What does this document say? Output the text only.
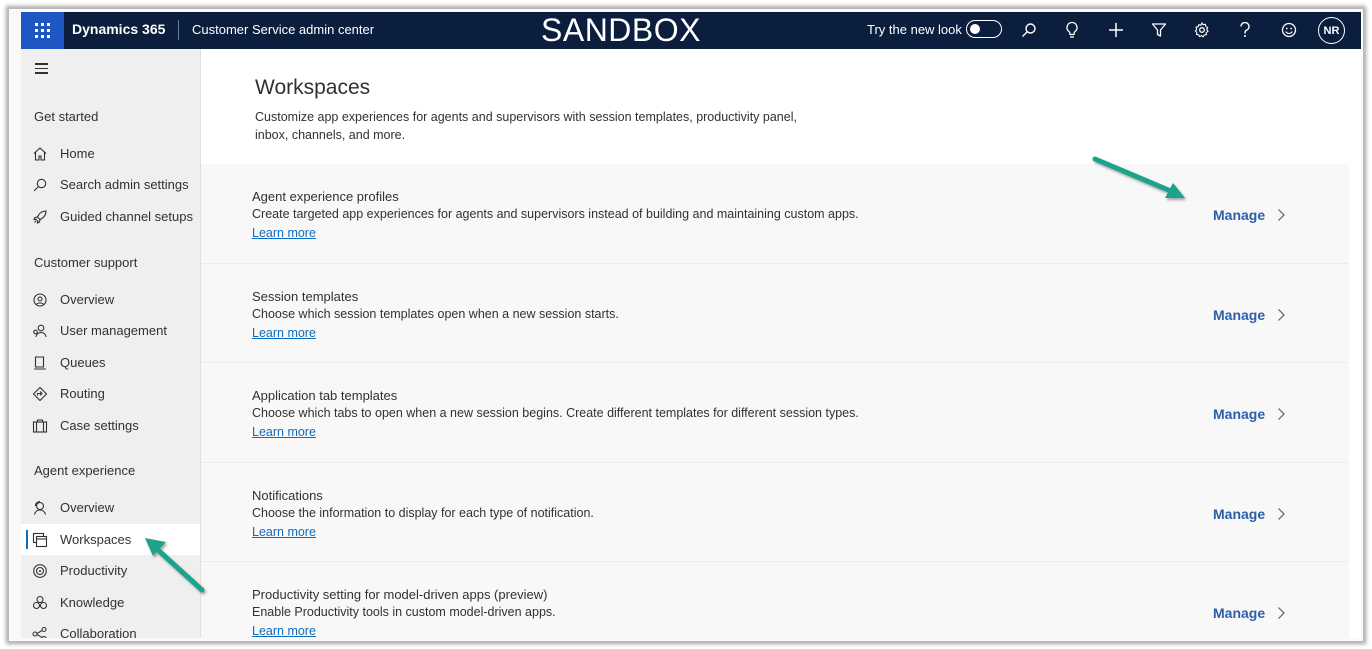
Dynamics 365 Customer Service admin center	SANDBOX	Try the new look	NR
Get started
Home
Search admin settings
Guided channel setups
Customer support
Overview
User management
Queues
Routing
Case settings
Agent experience
Overview
Workspaces
Productivity
Knowledge
Collaboration
Workspaces
Customize app experiences for agents and supervisors with session templates, productivity panel, inbox, channels, and more.
Agent experience profiles
Create targeted app experiences for agents and supervisors instead of building and maintaining custom apps.
Learn more
Manage
Session templates
Choose which session templates open when a new session starts.
Learn more
Manage
Application tab templates
Choose which tabs to open when a new session begins. Create different templates for different session types.
Learn more
Manage
Notifications
Choose the information to display for each type of notification.
Learn more
Manage
Productivity setting for model-driven apps (preview)
Enable Productivity tools in custom model-driven apps.
Learn more
Manage
